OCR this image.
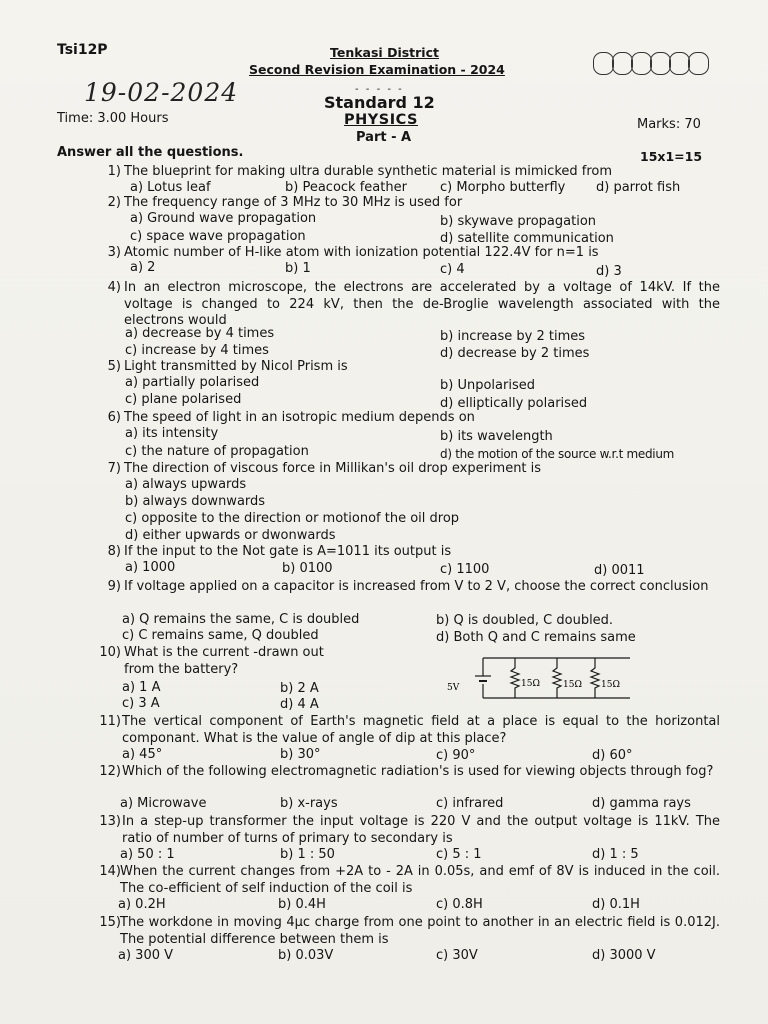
Tsi12P	Tenkasi District
Second Revision Examination - 2024
19-02-2024	- - - - -
Standard 12
Time: 3.00 Hours	PHYSICS
Part - A
Marks: 70
Answer all the questions.	15x1=15
1) The blueprint for making ultra durable synthetic material is mimicked from
a) Lotus leaf	b) Peacock feather	c) Morpho butterfly d) parrot fish
2) The frequency range of 3 MHz to 30 MHz is used for
a) Ground wave propagation	b) skywave propagation
c) space wave propagation	d) satellite communication
3) Atomic number of H-like atom with ionization potential 122.4V for n=1 is
a) 2	b) 1	c) 4	d) 3
4) In an electron microscope, the electrons are accelerated by a voltage of 14kV. If the voltage is changed to 224 kV, then the de-Broglie wavelength associated with the electrons would
a) decrease by 4 times	b) increase by 2 times
c) increase by 4 times	d) decrease by 2 times
5) Light transmitted by Nicol Prism is
a) partially polarised	b) Unpolarised
c) plane polarised	d) elliptically polarised
6) The speed of light in an isotropic medium depends on
a) its intensity	b) its wavelength
c) the nature of propagation	d) the motion of the source w.r.t medium
7) The direction of viscous force in Millikan's oil drop experiment is
a) always upwards
b) always downwards
c) opposite to the direction or motionof the oil drop
d) either upwards or dwonwards
8) If the input to the Not gate is A=1011 its output is
a) 1000	b) 0100	c) 1100	d) 0011
9) If voltage applied on a capacitor is increased from V to 2 V, choose the correct conclusion
a) Q remains the same, C is doubled	b) Q is doubled, C doubled.
c) C remains same, Q doubled	d) Both Q and C remains same
10) What is the current -drawn out from the battery?
a) 1 A	b) 2 A
c) 3 A	d) 4 A
5V	15Ω	15Ω 15Ω
11) The vertical component of Earth's magnetic field at a place is equal to the horizontal componant. What is the value of angle of dip at this place?
a) 45°	b) 30°	c) 90°	d) 60°
12) Which of the following electromagnetic radiation's is used for viewing objects through fog?
a) Microwave	b) x-rays	c) infrared	d) gamma rays
13) In a step-up transformer the input voltage is 220 V and the output voltage is 11kV. The ratio of number of turns of primary to secondary is
a) 50 : 1	b) 1 : 50	c) 5 : 1	d) 1 : 5
14) When the current changes from +2A to - 2A in 0.05s, and emf of 8V is induced in the coil. The co-efficient of self induction of the coil is
a) 0.2H	b) 0.4H	c) 0.8H	d) 0.1H
15) The workdone in moving 4μc charge from one point to another in an electric field is 0.012J. The potential difference between them is
a) 300 V	b) 0.03V	c) 30V	d) 3000 V
